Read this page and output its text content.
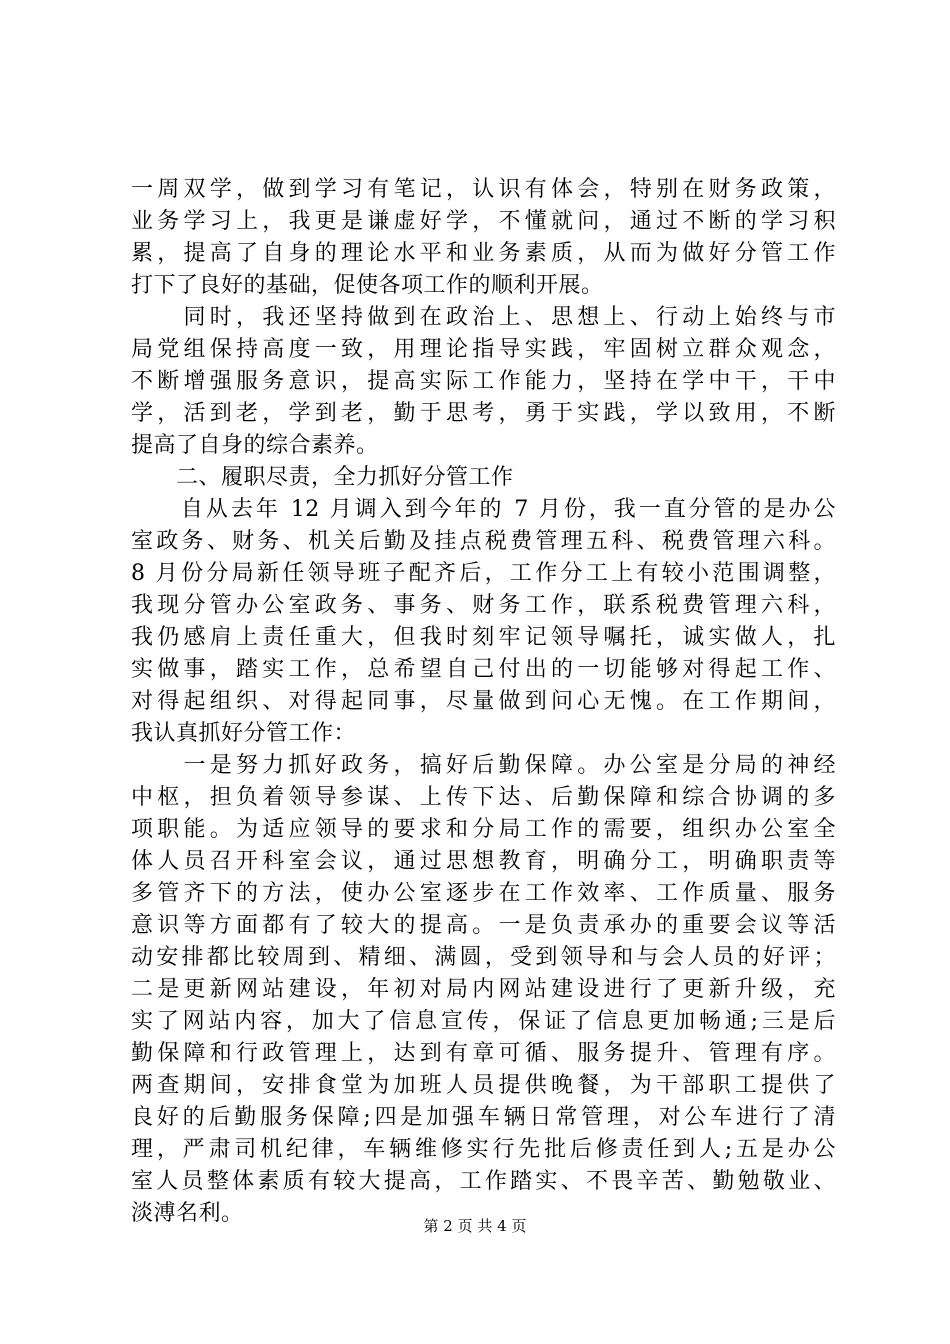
一周双学，做到学习有笔记，认识有体会，特别在财务政策，
业务学习上，我更是谦虚好学，不懂就问，通过不断的学习积
累，提高了自身的理论水平和业务素质，从而为做好分管工作
打下了良好的基础，促使各项工作的顺利开展。
　　同时，我还坚持做到在政治上、思想上、行动上始终与市
局党组保持高度一致，用理论指导实践，牢固树立群众观念，
不断增强服务意识，提高实际工作能力，坚持在学中干，干中
学，活到老，学到老，勤于思考，勇于实践，学以致用，不断
提高了自身的综合素养。
　　二、履职尽责，全力抓好分管工作
　　自从去年 12 月调入到今年的 7 月份，我一直分管的是办公
室政务、财务、机关后勤及挂点税费管理五科、税费管理六科。
8 月份分局新任领导班子配齐后，工作分工上有较小范围调整，
我现分管办公室政务、事务、财务工作，联系税费管理六科，
我仍感肩上责任重大，但我时刻牢记领导嘱托，诚实做人，扎
实做事，踏实工作，总希望自己付出的一切能够对得起工作、
对得起组织、对得起同事，尽量做到问心无愧。在工作期间，
我认真抓好分管工作：
　　一是努力抓好政务，搞好后勤保障。办公室是分局的神经
中枢，担负着领导参谋、上传下达、后勤保障和综合协调的多
项职能。为适应领导的要求和分局工作的需要，组织办公室全
体人员召开科室会议，通过思想教育，明确分工，明确职责等
多管齐下的方法，使办公室逐步在工作效率、工作质量、服务
意识等方面都有了较大的提高。一是负责承办的重要会议等活
动安排都比较周到、精细、满圆，受到领导和与会人员的好评；
二是更新网站建设，年初对局内网站建设进行了更新升级，充
实了网站内容，加大了信息宣传，保证了信息更加畅通;三是后
勤保障和行政管理上，达到有章可循、服务提升、管理有序。
两查期间，安排食堂为加班人员提供晚餐，为干部职工提供了
良好的后勤服务保障;四是加强车辆日常管理，对公车进行了清
理，严肃司机纪律，车辆维修实行先批后修责任到人;五是办公
室人员整体素质有较大提高，工作踏实、不畏辛苦、勤勉敬业、
淡溥名利。	第 2 页 共 4 页
